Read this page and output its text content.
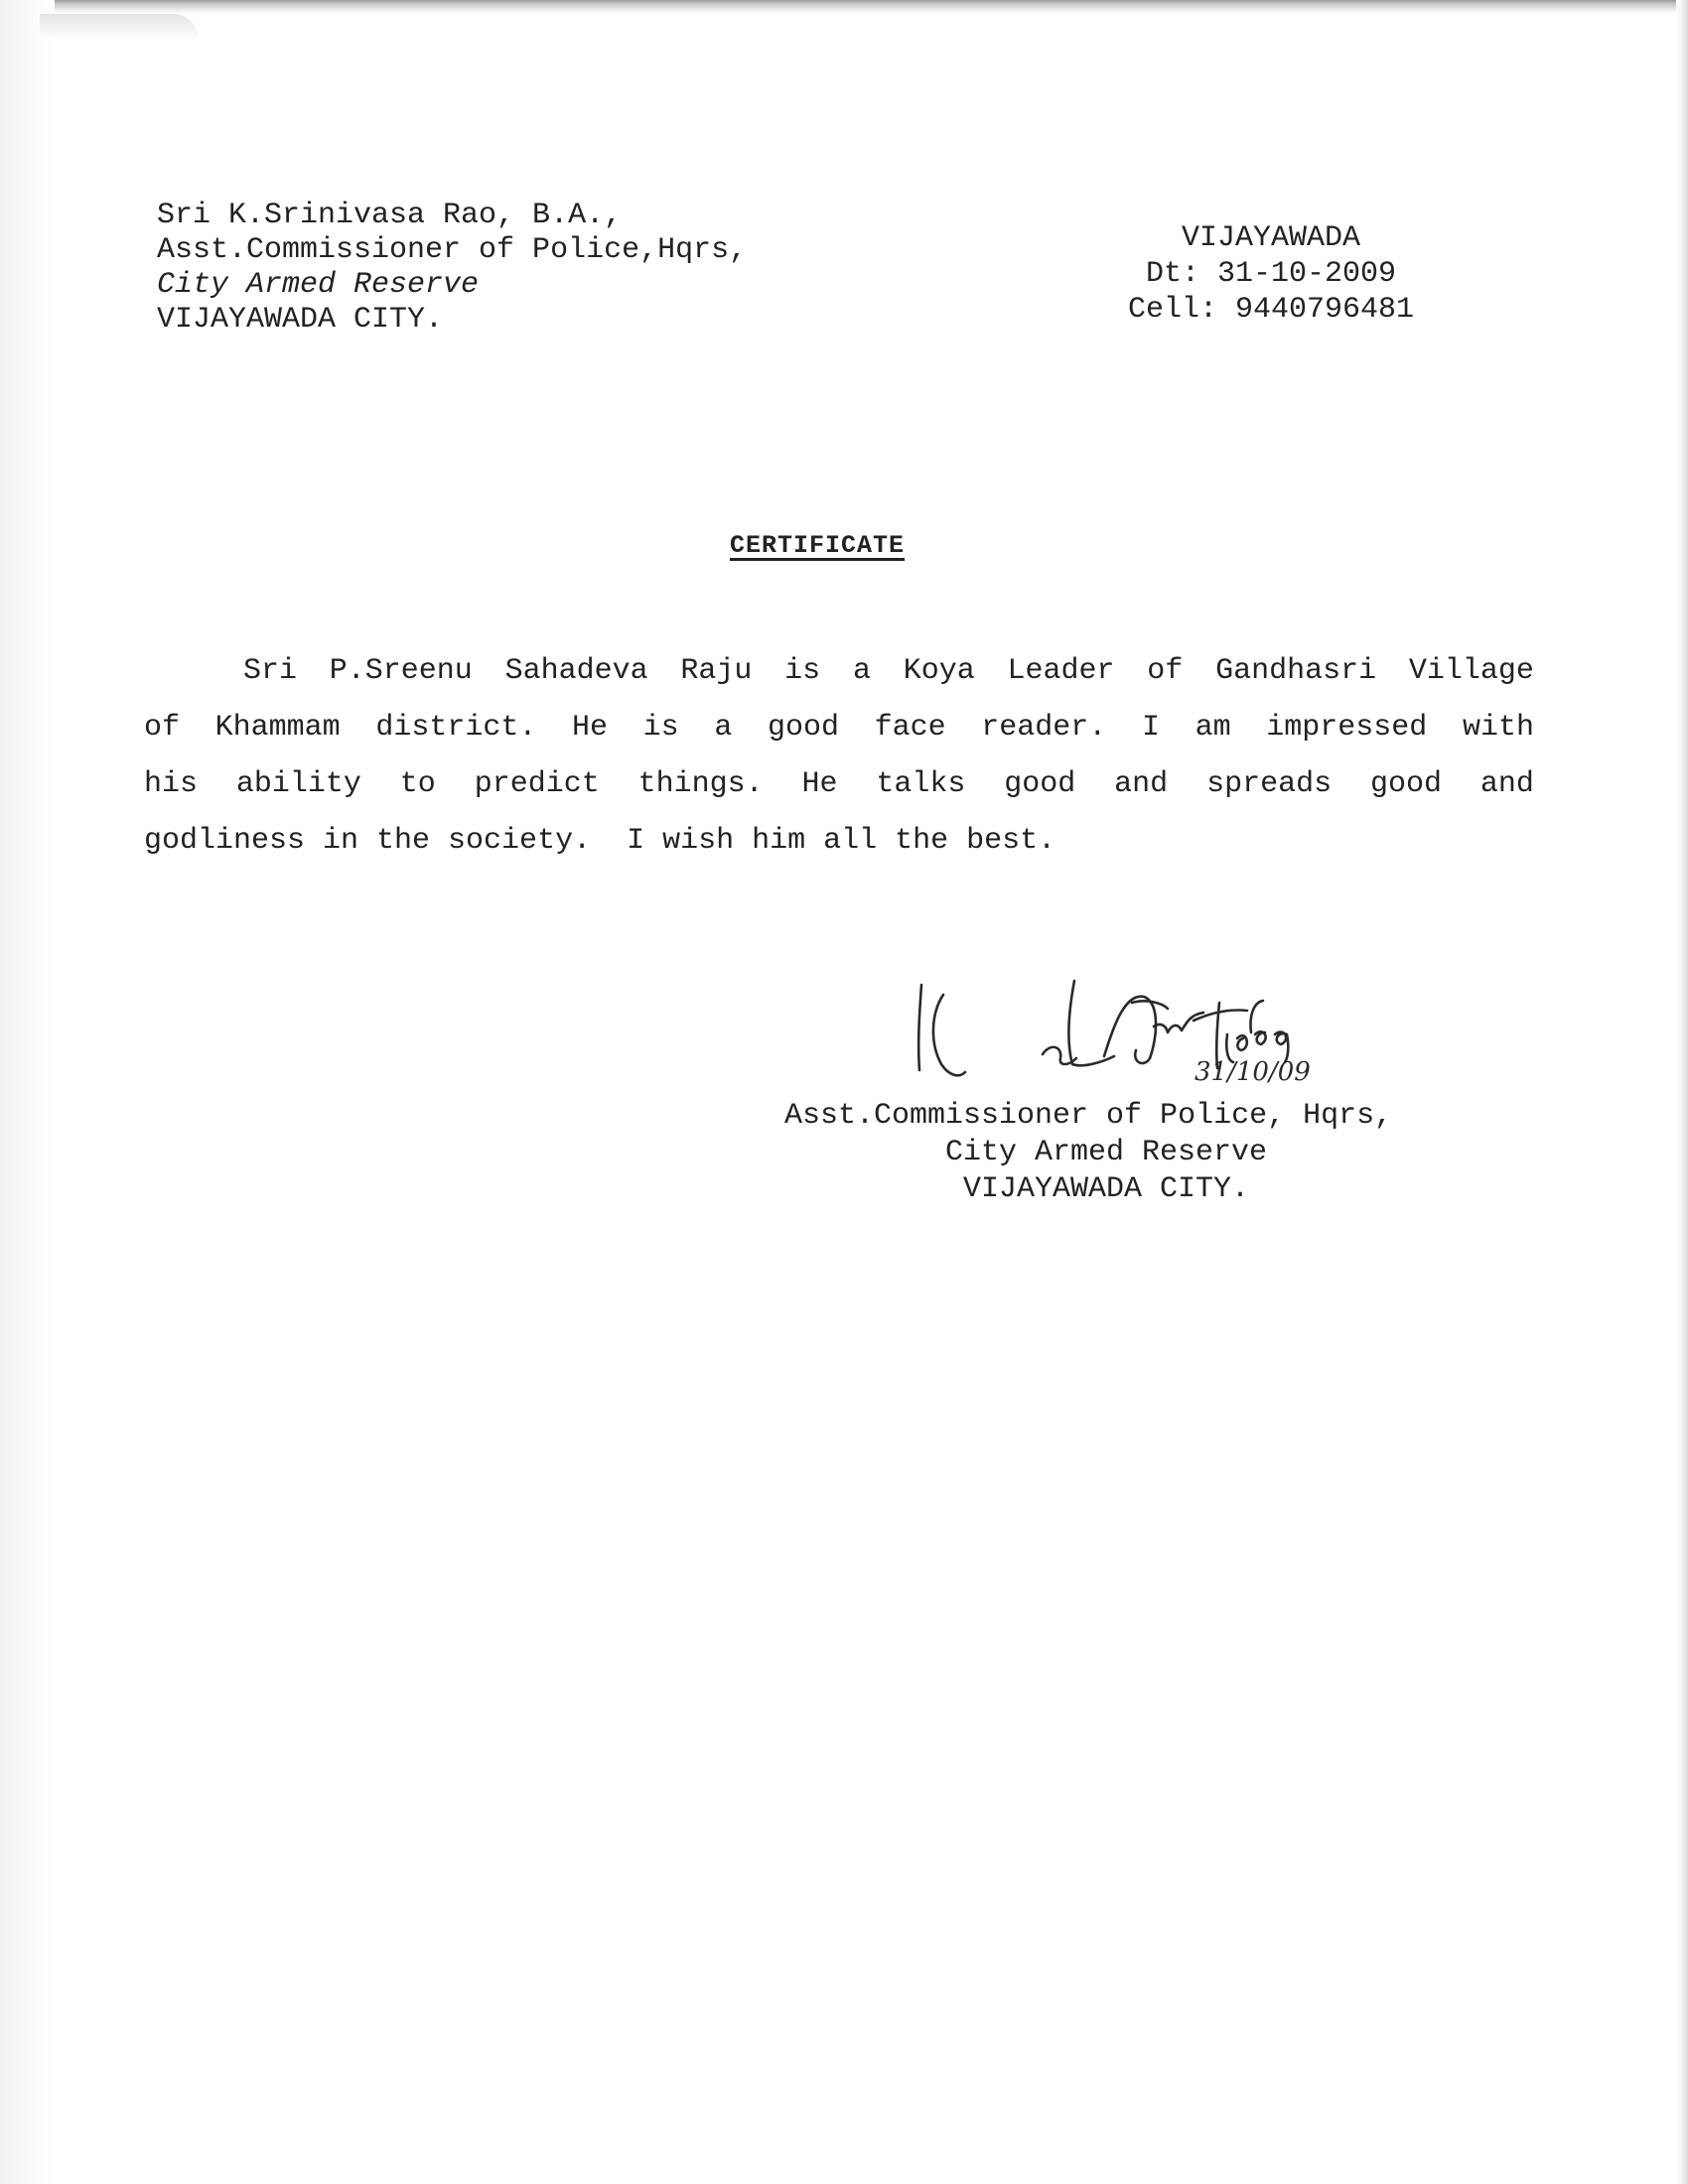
Sri K.Srinivasa Rao, B.A.,
Asst.Commissioner of Police,Hqrs,
City Armed Reserve
VIJAYAWADA CITY.
VIJAYAWADA
Dt: 31-10-2009
Cell: 9440796481
CERTIFICATE
Sri P.Sreenu Sahadeva Raju is a Koya Leader of Gandhasri Village
of Khammam district. He is a good face reader. I am impressed with
his ability to predict things. He talks good and spreads good and
godliness in the society.  I wish him all the best.
31/10/09
Asst.Commissioner of Police, Hqrs,
City Armed Reserve
VIJAYAWADA CITY.
